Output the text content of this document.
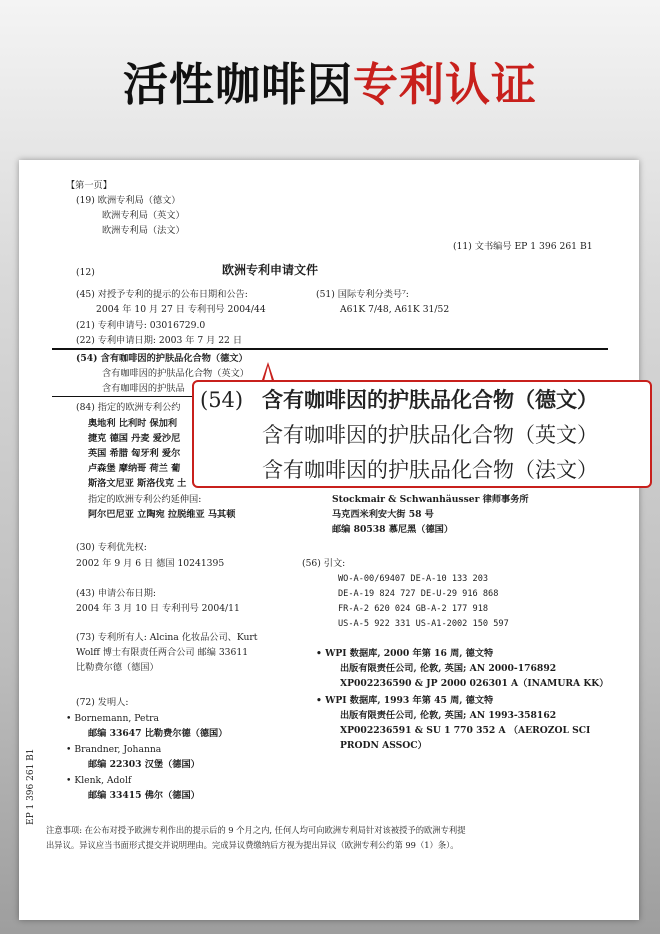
活性咖啡因 专利认证
【第一页】
(19) 欧洲专利局（德文）
欧洲专利局（英文）
欧洲专利局（法文）
(11) 文书编号 EP 1 396 261 B1
(12)	欧洲专利申请文件
(45) 对授予专利的提示的公布日期和公告:
2004 年 10 月 27 日 专利刊号 2004/44
(51) 国际专利分类号⁷:
A61K 7/48, A61K 31/52
(21) 专利申请号: 03016729.0
(22) 专利申请日期: 2003 年 7 月 22 日
(54) 含有咖啡因的护肤品化合物（德文）
含有咖啡因的护肤品化合物（英文）
含有咖啡因的护肤品
(84) 指定的欧洲专利公约
奥地利 比利时 保加利
捷克 德国 丹麦 爱沙尼
英国 希腊 匈牙利 爱尔
卢森堡 摩纳哥 荷兰 葡
斯洛文尼亚 斯洛伐克 土
指定的欧洲专利公约延伸国:
阿尔巴尼亚 立陶宛 拉脱维亚 马其顿
Stockmair & Schwanhäusser 律师事务所
马克西米利安大街 58 号
邮编 80538 慕尼黑（德国）
(30) 专利优先权:
2002 年 9 月 6 日 德国 10241395
(43) 申请公布日期:
2004 年 3 月 10 日 专利刊号 2004/11
(73) 专利所有人: Alcina 化妆品公司、Kurt
Wolff 博士有限责任两合公司 邮编 33611
比勒费尔德（德国）
(72) 发明人:
• Bornemann, Petra
邮编 33647 比勒费尔德（德国）
• Brandner, Johanna
邮编 22303 汉堡（德国）
• Klenk, Adolf
邮编 33415 佛尔（德国）
(56) 引文:
WO-A-00/69407 DE-A-10 133 203
DE-A-19 824 727 DE-U-29 916 868
FR-A-2 620 024 GB-A-2 177 918
US-A-5 922 331 US-A1-2002 150 597
• WPI 数据库, 2000 年第 16 周, 德文特
出版有限责任公司, 伦敦, 英国; AN 2000-176892
XP002236590 & JP 2000 026301 A（INAMURA KK）
• WPI 数据库, 1993 年第 45 周, 德文特
出版有限责任公司, 伦敦, 英国; AN 1993-358162
XP002236591 & SU 1 770 352 A （AEROZOL SCI
PRODN ASSOC）
注意事项: 在公布对授予欧洲专利作出的提示后的 9 个月之内, 任何人均可向欧洲专利局针对该被授予的欧洲专利提
出异议。异议应当书面形式提交并说明理由。完成异议费缴纳后方视为提出异议（欧洲专利公约第 99（1）条）。
EP 1 396 261 B1
(54) 含有咖啡因的护肤品化合物（德文）
含有咖啡因的护肤品化合物（英文）
含有咖啡因的护肤品化合物（法文）
